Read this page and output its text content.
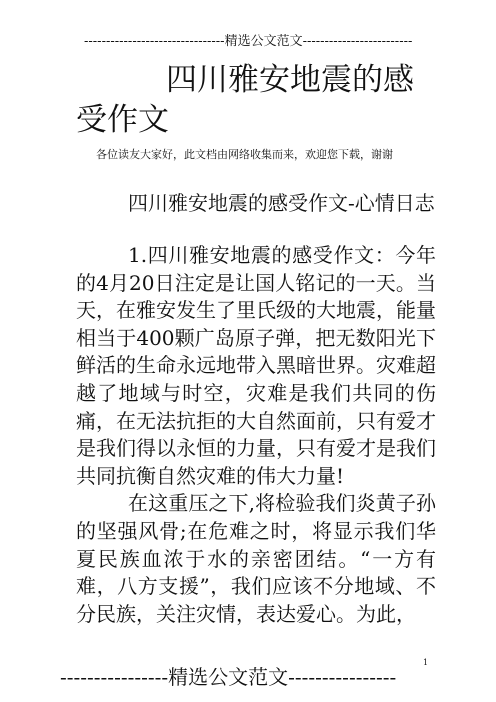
--------------------------------精选公文范文-------------------------
四川雅安地震的感受作文
各位读友大家好，此文档由网络收集而来，欢迎您下载，谢谢
四川雅安地震的感受作文-心情日志

1.四川雅安地震的感受作文：今年的4月20日注定是让国人铭记的一天。当天，在雅安发生了里氏级的大地震，能量相当于400颗广岛原子弹，把无数阳光下鲜活的生命永远地带入黑暗世界。灾难超越了地域与时空，灾难是我们共同的伤痛，在无法抗拒的大自然面前，只有爱才是我们得以永恒的力量，只有爱才是我们共同抗衡自然灾难的伟大力量!

在这重压之下,将检验我们炎黄子孙的坚强风骨;在危难之时，将显示我们华夏民族血浓于水的亲密团结。“一方有难，八方支援”，我们应该不分地域、不分民族，关注灾情，表达爱心。为此，

----------------精选公文范文----------------
1
